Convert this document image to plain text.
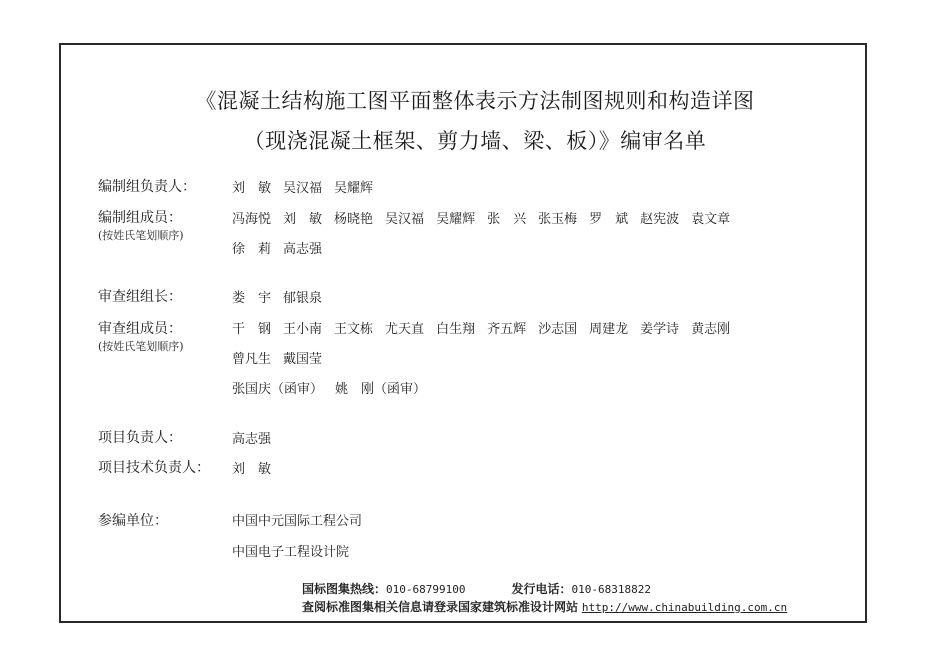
《混凝土结构施工图平面整体表示方法制图规则和构造详图
（现浇混凝土框架、剪力墙、梁、板）》编审名单
编制组负责人：	刘　敏 吴汉福 吴耀辉
编制组成员：
(按姓氏笔划顺序)
冯海悦 刘　敏 杨晓艳 吴汉福 吴耀辉 张　兴 张玉梅 罗　斌 赵宪波 袁文章
徐　莉 高志强
审查组组长：	娄　宇 郁银泉
审查组成员：
(按姓氏笔划顺序)
干　钢 王小南 王文栋 尤天直 白生翔 齐五辉 沙志国 周建龙 姜学诗 黄志刚
曾凡生 戴国莹
张国庆（函审） 姚　刚（函审）
项目负责人：	高志强
项目技术负责人： 刘　敏
参编单位：	中国中元国际工程公司
中国电子工程设计院
国标图集热线：010-68799100	发行电话：010-68318822
查阅标准图集相关信息请登录国家建筑标准设计网站 http://www.chinabuilding.com.cn
